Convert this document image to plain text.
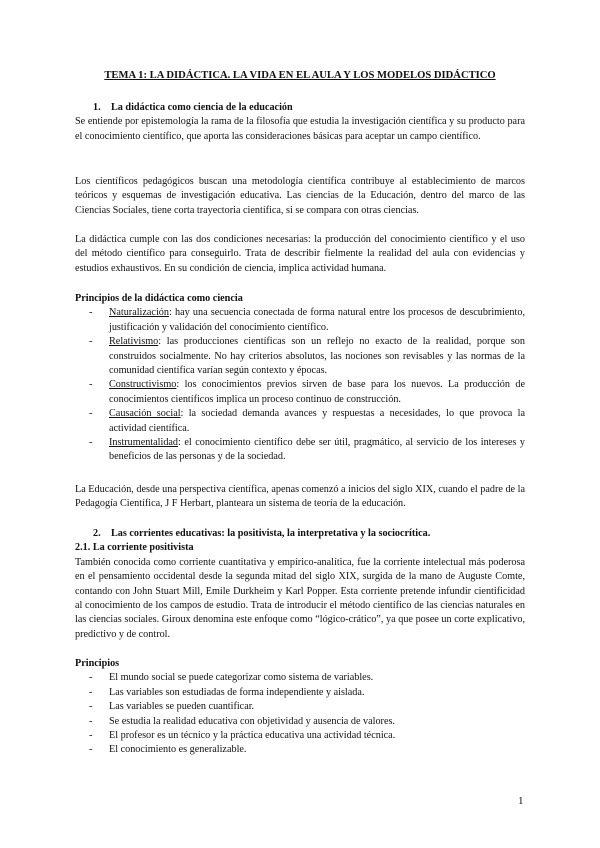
TEMA 1: LA DIDÁCTICA. LA VIDA EN EL AULA Y LOS MODELOS DIDÁCTICO
1. La didáctica como ciencia de la educación
Se entiende por epistemología la rama de la filosofía que estudia la investigación científica y su producto para el conocimiento científico, que aporta las consideraciones básicas para aceptar un campo científico.
Los científicos pedagógicos buscan una metodología científica contribuye al establecimiento de marcos teóricos y esquemas de investigación educativa. Las ciencias de la Educación, dentro del marco de las Ciencias Sociales, tiene corta trayectoria científica, si se compara con otras ciencias.
La didáctica cumple con las dos condiciones necesarias: la producción del conocimiento científico y el uso del método científico para conseguirlo. Trata de describir fielmente la realidad del aula con evidencias y estudios exhaustivos. En su condición de ciencia, implica actividad humana.
Principios de la didáctica como ciencia
- Naturalización: hay una secuencia conectada de forma natural entre los procesos de descubrimiento, justificación y validación del conocimiento científico.
- Relativismo: las producciones científicas son un reflejo no exacto de la realidad, porque son construidos socialmente. No hay criterios absolutos, las nociones son revisables y las normas de la comunidad científica varían según contexto y épocas.
- Constructivismo: los conocimientos previos sirven de base para los nuevos. La producción de conocimientos científicos implica un proceso continuo de construcción.
- Causación social: la sociedad demanda avances y respuestas a necesidades, lo que provoca la actividad científica.
- Instrumentalidad: el conocimiento científico debe ser útil, pragmático, al servicio de los intereses y beneficios de las personas y de la sociedad.
La Educación, desde una perspectiva científica, apenas comenzó a inicios del siglo XIX, cuando el padre de la Pedagogía Científica, J F Herbart, planteara un sistema de teoría de la educación.
2. Las corrientes educativas: la positivista, la interpretativa y la sociocrítica.
2.1. La corriente positivista
También conocida como corriente cuantitativa y empírico-analítica, fue la corriente intelectual más poderosa en el pensamiento occidental desde la segunda mitad del siglo XIX, surgida de la mano de Auguste Comte, contando con John Stuart Mill, Emile Durkheim y Karl Popper. Esta corriente pretende infundir cientificidad al conocimiento de los campos de estudio. Trata de introducir el método científico de las ciencias naturales en las ciencias sociales. Giroux denomina este enfoque como “lógico-crático”, ya que posee un corte explicativo, predictivo y de control.
Principios
- El mundo social se puede categorizar como sistema de variables.
- Las variables son estudiadas de forma independiente y aislada.
- Las variables se pueden cuantificar.
- Se estudia la realidad educativa con objetividad y ausencia de valores.
- El profesor es un técnico y la práctica educativa una actividad técnica.
- El conocimiento es generalizable.
1
